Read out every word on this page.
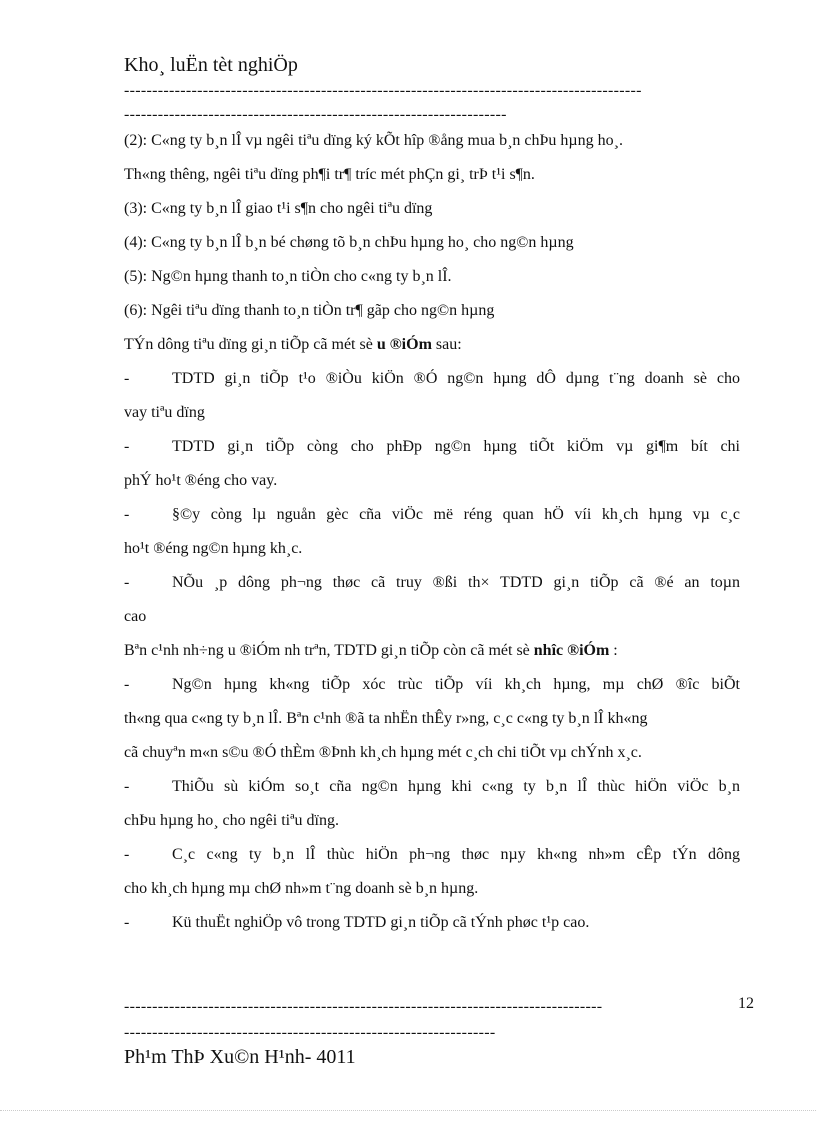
Kho¸ luËn tèt nghiÖp
--------------------------------------------------------------------------------------------
--------------------------------------------------------------------
(2): C«ng ty b¸n lÎ vµ ngêi tiªu dïng ký kÕt hîp ®ång mua b¸n chÞu hµng ho¸.
Th«ng thêng, ngêi tiªu dïng ph¶i tr¶ tríc mét phÇn gi¸ trÞ t¹i s¶n.
(3): C«ng ty b¸n lÎ giao t¹i s¶n cho ngêi tiªu dïng
(4): C«ng ty b¸n lÎ b¸n bé chøng tõ b¸n chÞu hµng ho¸ cho ng©n hµng
(5): Ng©n hµng thanh to¸n tiÒn cho c«ng ty b¸n lÎ.
(6): Ngêi tiªu dïng thanh to¸n tiÒn tr¶ gãp cho ng©n hµng
TÝn dông tiªu dïng gi¸n tiÕp cã mét sè u ®iÓm sau:
-	TDTD gi¸n tiÕp t¹o ®iÒu kiÖn ®Ó ng©n hµng dÔ dµng t¨ng doanh sè cho
vay tiªu dïng
-	TDTD gi¸n tiÕp còng cho phÐp ng©n hµng tiÕt kiÖm vµ gi¶m bít chi
phÝ ho¹t ®éng cho vay.
-	§©y còng lµ nguån gèc cña viÖc më réng quan hÖ víi kh¸ch hµng vµ c¸c
ho¹t ®éng ng©n hµng kh¸c.
-	NÕu ¸p dông ph¬ng thøc cã truy ®ßi th× TDTD gi¸n tiÕp cã ®é an toµn
cao
Bªn c¹nh nh÷ng u ®iÓm nh trªn, TDTD gi¸n tiÕp còn cã mét sè nhîc ®iÓm :
-	Ng©n hµng kh«ng tiÕp xóc trùc tiÕp víi kh¸ch hµng, mµ chØ ®îc biÕt
th«ng qua c«ng ty b¸n lÎ. Bªn c¹nh ®ã ta nhËn thÊy r»ng, c¸c c«ng ty b¸n lÎ kh«ng
cã chuyªn m«n s©u ®Ó thÈm ®Þnh kh¸ch hµng mét c¸ch chi tiÕt vµ chÝnh x¸c.
-	ThiÕu sù kiÓm so¸t cña ng©n hµng khi c«ng ty b¸n lÎ thùc hiÖn viÖc b¸n
chÞu hµng ho¸ cho ngêi tiªu dïng.
-	C¸c c«ng ty b¸n lÎ thùc hiÖn ph¬ng thøc nµy kh«ng nh»m cÊp tÝn dông
cho kh¸ch hµng mµ chØ nh»m t¨ng doanh sè b¸n hµng.
-	Kü thuËt nghiÖp vô trong TDTD gi¸n tiÕp cã tÝnh phøc t¹p cao.
-------------------------------------------------------------------------------------	12
------------------------------------------------------------------
Ph¹m ThÞ Xu©n H¹nh- 4011
